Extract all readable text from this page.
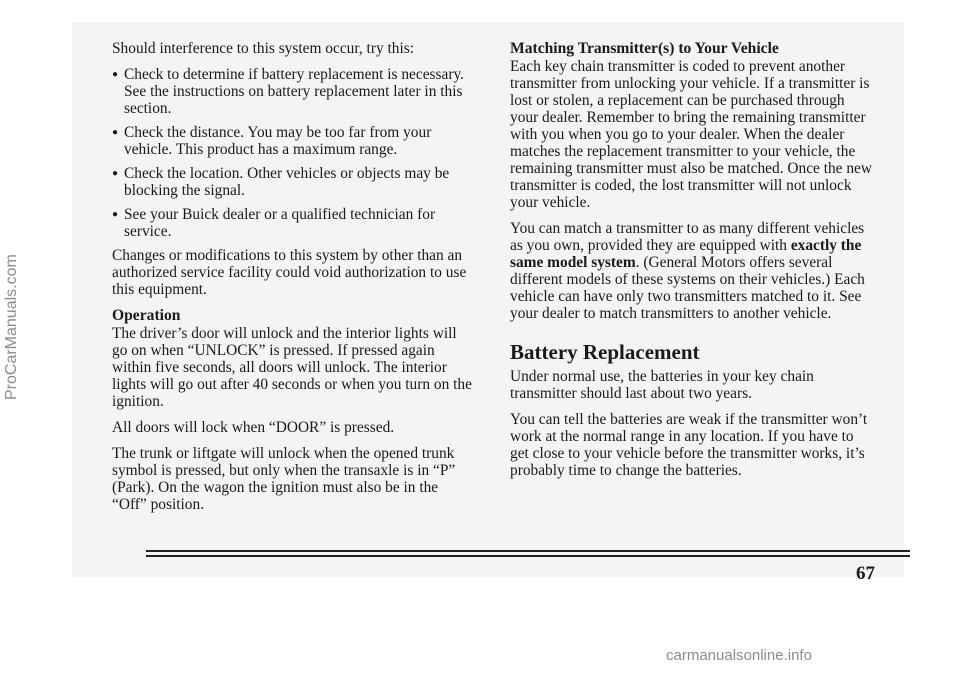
Should interference to this system occur, try this:

● Check to determine if battery replacement is necessary. See the instructions on battery replacement later in this section.
● Check the distance. You may be too far from your vehicle. This product has a maximum range.
● Check the location. Other vehicles or objects may be blocking the signal.
● See your Buick dealer or a qualified technician for service.

Changes or modifications to this system by other than an authorized service facility could void authorization to use this equipment.

Operation

The driver’s door will unlock and the interior lights will go on when “UNLOCK” is pressed. If pressed again within five seconds, all doors will unlock. The interior lights will go out after 40 seconds or when you turn on the ignition.

All doors will lock when “DOOR” is pressed.

The trunk or liftgate will unlock when the opened trunk symbol is pressed, but only when the transaxle is in “P” (Park). On the wagon the ignition must also be in the “Off” position.

Matching Transmitter(s) to Your Vehicle

Each key chain transmitter is coded to prevent another transmitter from unlocking your vehicle. If a transmitter is lost or stolen, a replacement can be purchased through your dealer. Remember to bring the remaining transmitter with you when you go to your dealer. When the dealer matches the replacement transmitter to your vehicle, the remaining transmitter must also be matched. Once the new transmitter is coded, the lost transmitter will not unlock your vehicle.

You can match a transmitter to as many different vehicles as you own, provided they are equipped with exactly the same model system. (General Motors offers several different models of these systems on their vehicles.) Each vehicle can have only two transmitters matched to it. See your dealer to match transmitters to another vehicle.

Battery Replacement

Under normal use, the batteries in your key chain transmitter should last about two years.

You can tell the batteries are weak if the transmitter won’t work at the normal range in any location. If you have to get close to your vehicle before the transmitter works, it’s probably time to change the batteries.

67
ProCarManuals.com
carmanualsonline.info
